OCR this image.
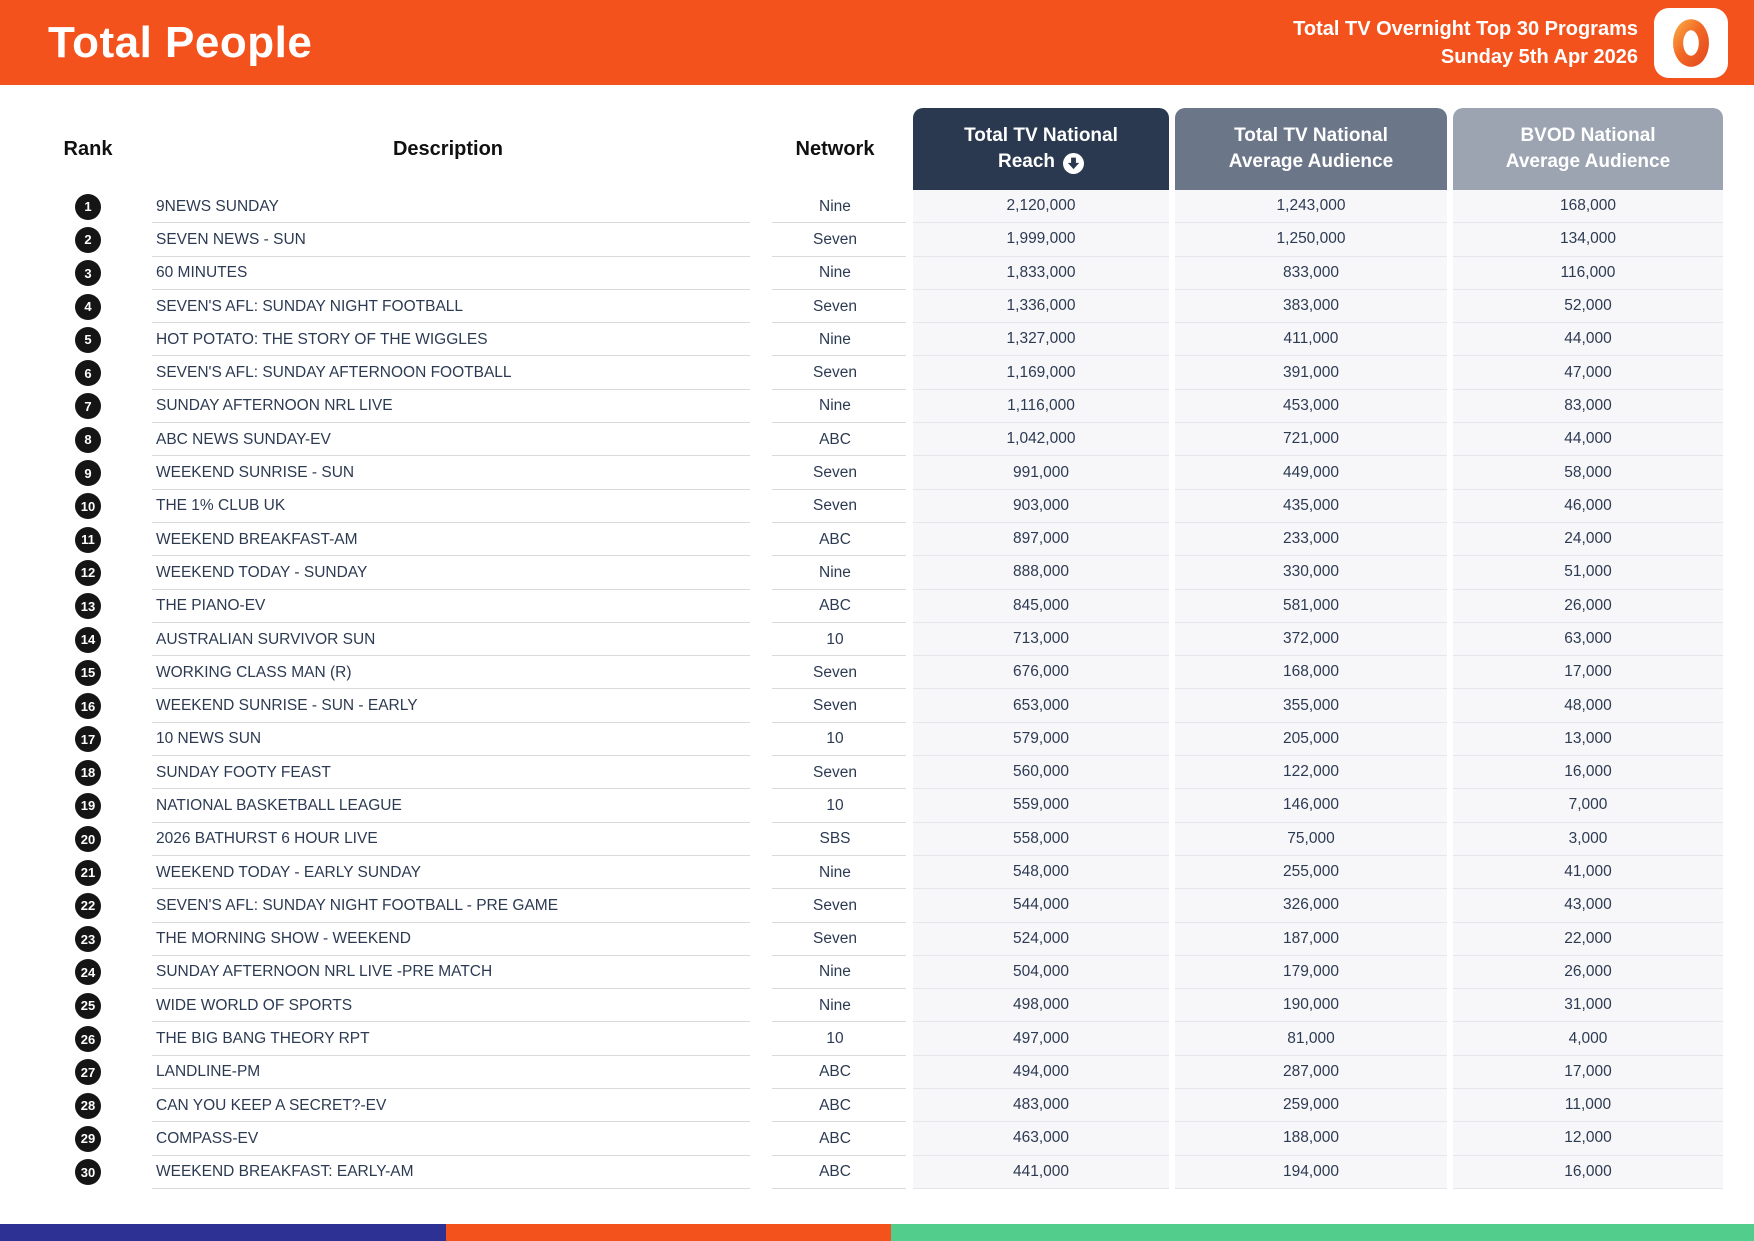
Total People	Total TV Overnight Top 30 Programs
Sunday 5th Apr 2026
Rank	Description	Network
Total TV National
Reach
Total TV National
Average Audience
BVOD National
Average Audience
1	9NEWS SUNDAY	Nine	2,120,000	1,243,000	168,000
2	SEVEN NEWS - SUN	Seven	1,999,000	1,250,000	134,000
3	60 MINUTES	Nine	1,833,000	833,000	116,000
4	SEVEN'S AFL: SUNDAY NIGHT FOOTBALL	Seven	1,336,000	383,000	52,000
5	HOT POTATO: THE STORY OF THE WIGGLES	Nine	1,327,000	411,000	44,000
6	SEVEN'S AFL: SUNDAY AFTERNOON FOOTBALL	Seven	1,169,000	391,000	47,000
7	SUNDAY AFTERNOON NRL LIVE	Nine	1,116,000	453,000	83,000
8	ABC NEWS SUNDAY-EV	ABC	1,042,000	721,000	44,000
9	WEEKEND SUNRISE - SUN	Seven	991,000	449,000	58,000
10	THE 1% CLUB UK	Seven	903,000	435,000	46,000
11	WEEKEND BREAKFAST-AM	ABC	897,000	233,000	24,000
12	WEEKEND TODAY - SUNDAY	Nine	888,000	330,000	51,000
13	THE PIANO-EV	ABC	845,000	581,000	26,000
14	AUSTRALIAN SURVIVOR SUN	10	713,000	372,000	63,000
15	WORKING CLASS MAN (R)	Seven	676,000	168,000	17,000
16	WEEKEND SUNRISE - SUN - EARLY	Seven	653,000	355,000	48,000
17	10 NEWS SUN	10	579,000	205,000	13,000
18	SUNDAY FOOTY FEAST	Seven	560,000	122,000	16,000
19	NATIONAL BASKETBALL LEAGUE	10	559,000	146,000	7,000
20	2026 BATHURST 6 HOUR LIVE	SBS	558,000	75,000	3,000
21	WEEKEND TODAY - EARLY SUNDAY	Nine	548,000	255,000	41,000
22	SEVEN'S AFL: SUNDAY NIGHT FOOTBALL - PRE GAME	Seven	544,000	326,000	43,000
23	THE MORNING SHOW - WEEKEND	Seven	524,000	187,000	22,000
24	SUNDAY AFTERNOON NRL LIVE -PRE MATCH	Nine	504,000	179,000	26,000
25	WIDE WORLD OF SPORTS	Nine	498,000	190,000	31,000
26	THE BIG BANG THEORY RPT	10	497,000	81,000	4,000
27	LANDLINE-PM	ABC	494,000	287,000	17,000
28	CAN YOU KEEP A SECRET?-EV	ABC	483,000	259,000	11,000
29	COMPASS-EV	ABC	463,000	188,000	12,000
30	WEEKEND BREAKFAST: EARLY-AM	ABC	441,000	194,000	16,000
